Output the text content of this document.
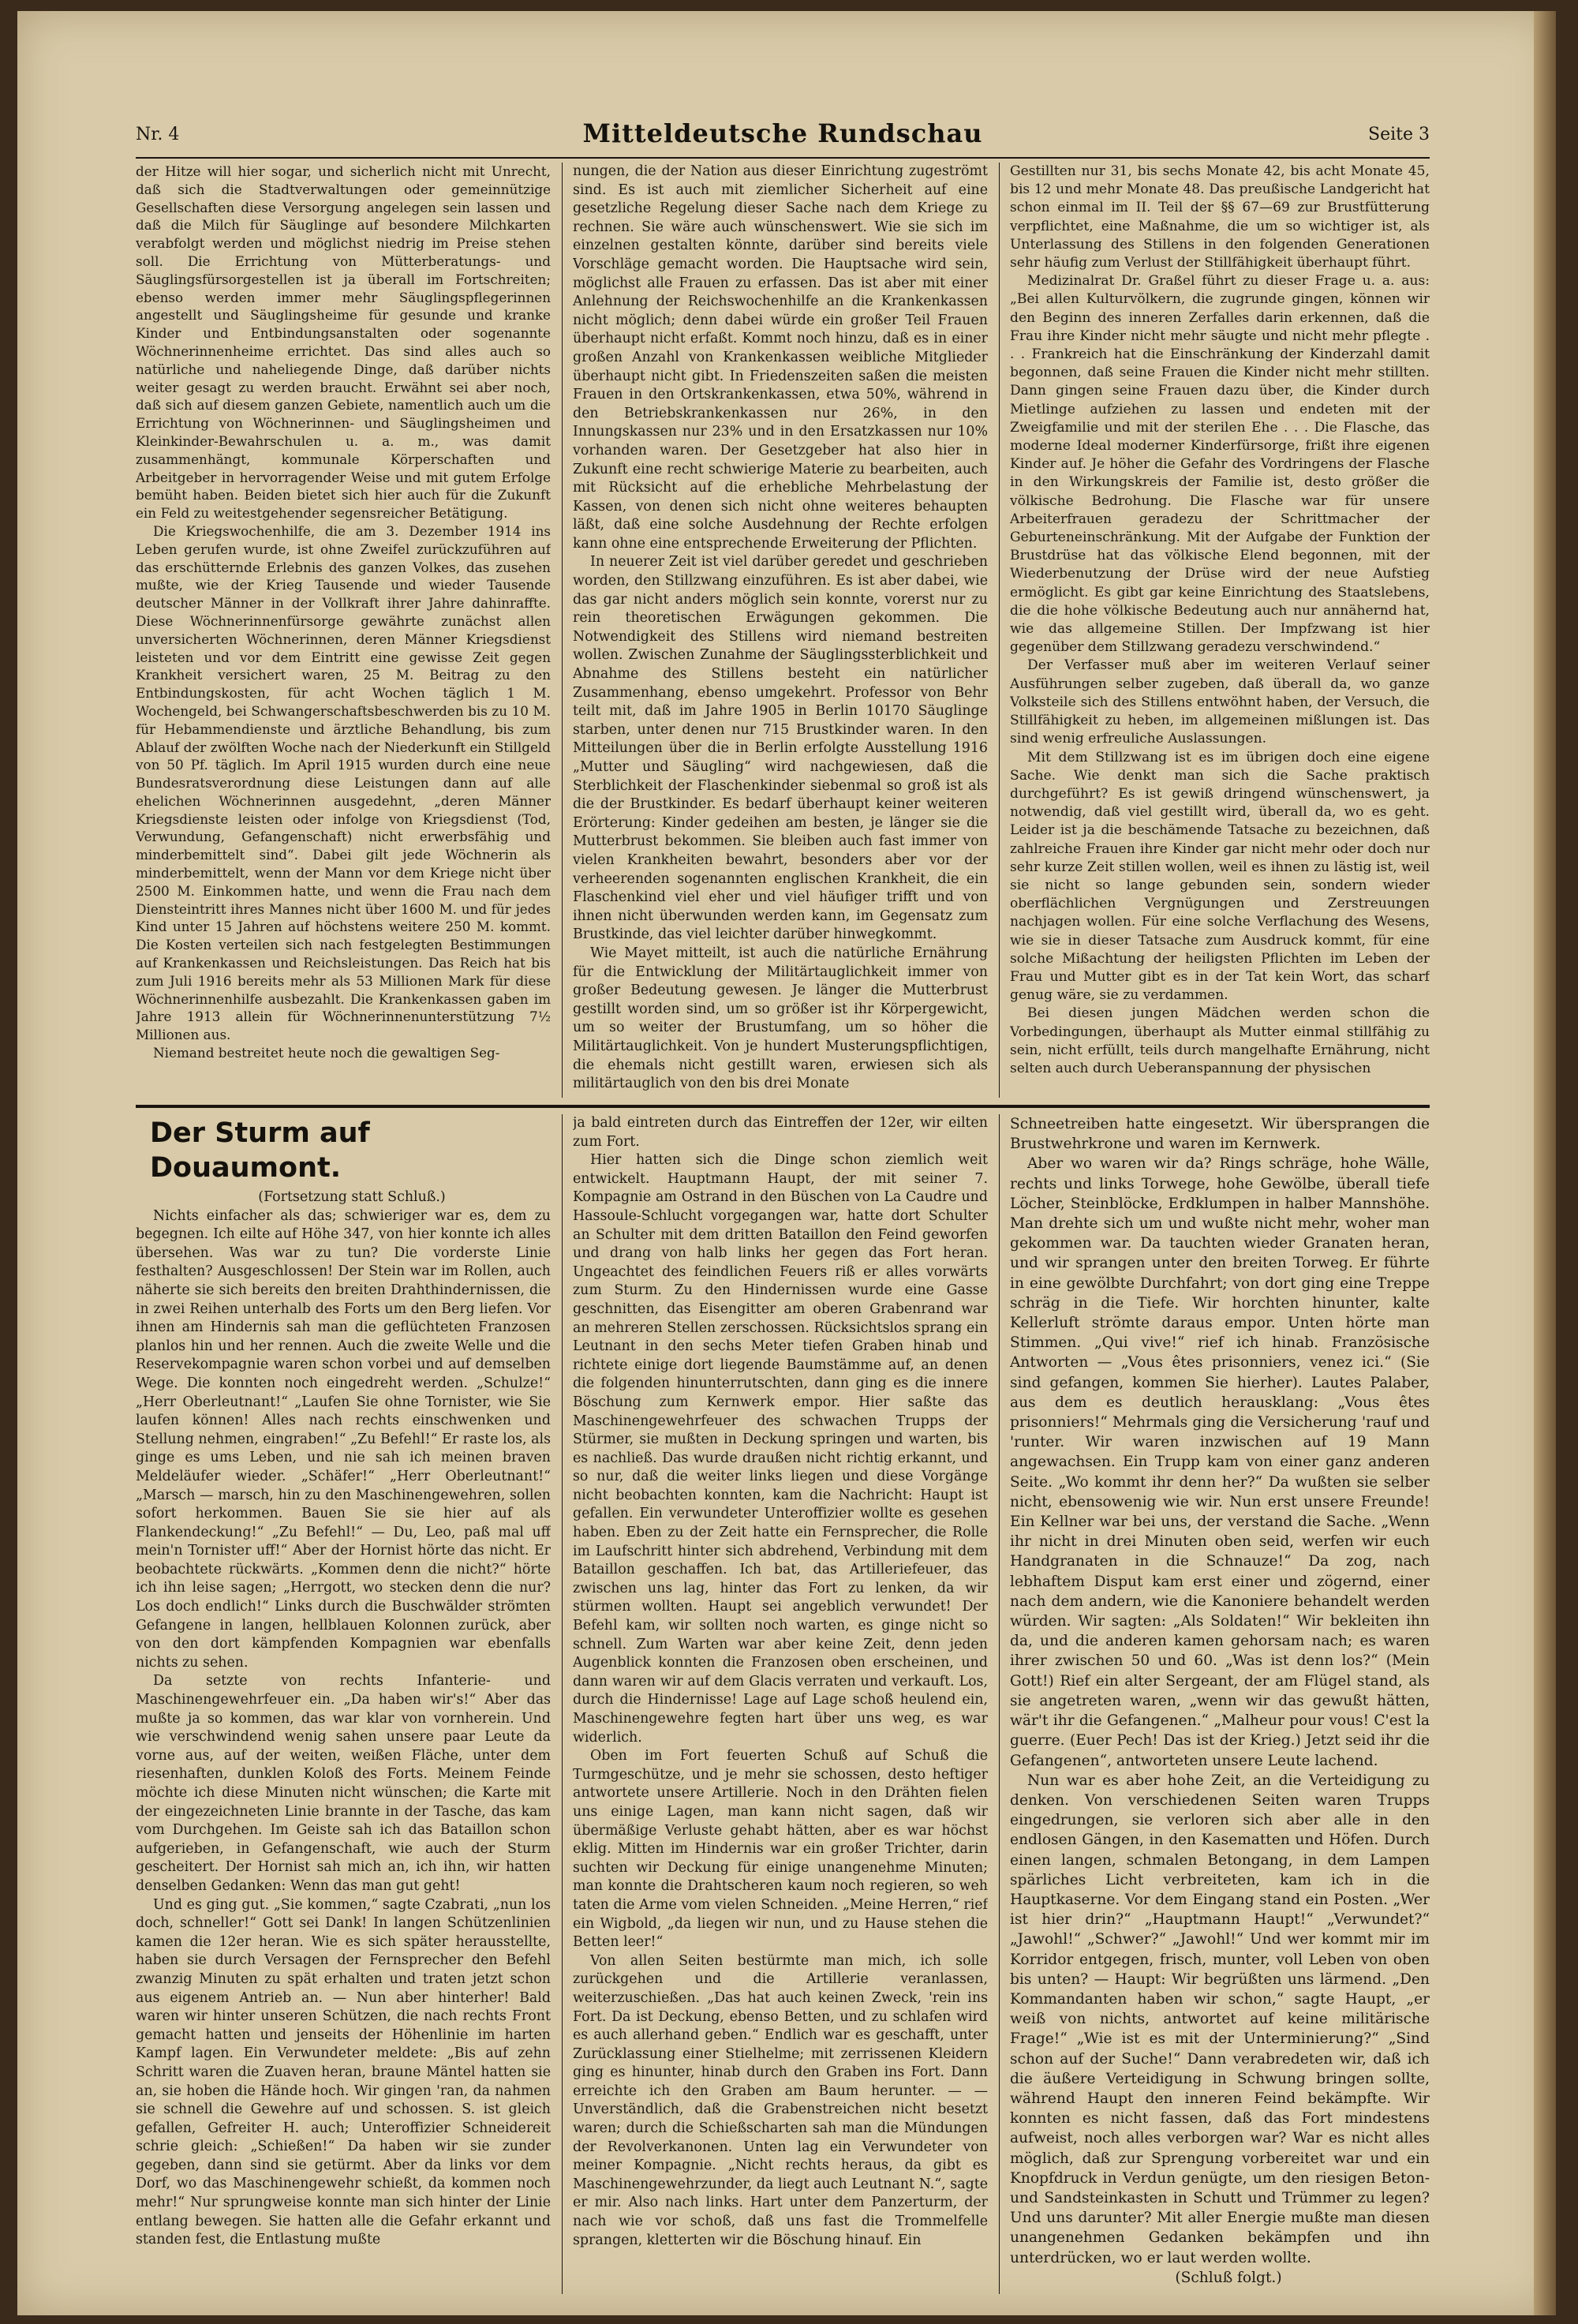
Nr. 4	Mitteldeutsche Rundschau	Seite 3

der Hitze will hier sogar, und sicherlich nicht mit Unrecht, daß sich die Stadtverwaltungen oder gemeinnützige Gesellschaften diese Versorgung angelegen sein lassen und daß die Milch für Säuglinge auf besondere Milchkarten verabfolgt werden und möglichst niedrig im Preise stehen soll. Die Errichtung von Mütterberatungs- und Säuglingsfürsorgestellen ist ja überall im Fortschreiten; ebenso werden immer mehr Säuglingspflegerinnen angestellt und Säuglingsheime für gesunde und kranke Kinder und Entbindungsanstalten oder sogenannte Wöchnerinnenheime errichtet. Das sind alles auch so natürliche und naheliegende Dinge, daß darüber nichts weiter gesagt zu werden braucht. Erwähnt sei aber noch, daß sich auf diesem ganzen Gebiete, namentlich auch um die Errichtung von Wöchnerinnen- und Säuglingsheimen und Kleinkinder-Bewahrschulen u. a. m., was damit zusammenhängt, kommunale Körperschaften und Arbeitgeber in hervorragender Weise und mit gutem Erfolge bemüht haben. Beiden bietet sich hier auch für die Zukunft ein Feld zu weitestgehender segensreicher Betätigung.

Die Kriegswochenhilfe, die am 3. Dezember 1914 ins Leben gerufen wurde, ist ohne Zweifel zurückzuführen auf das erschütternde Erlebnis des ganzen Volkes, das zusehen mußte, wie der Krieg Tausende und wieder Tausende deutscher Männer in der Vollkraft ihrer Jahre dahinraffte. Diese Wöchnerinnenfürsorge gewährte zunächst allen unversicherten Wöchnerinnen, deren Männer Kriegsdienst leisteten und vor dem Eintritt eine gewisse Zeit gegen Krankheit versichert waren, 25 M. Beitrag zu den Entbindungskosten, für acht Wochen täglich 1 M. Wochengeld, bei Schwangerschaftsbeschwerden bis zu 10 M. für Hebammendienste und ärztliche Behandlung, bis zum Ablauf der zwölften Woche nach der Niederkunft ein Stillgeld von 50 Pf. täglich. Im April 1915 wurden durch eine neue Bundesratsverordnung diese Leistungen dann auf alle ehelichen Wöchnerinnen ausgedehnt, „deren Männer Kriegsdienste leisten oder infolge von Kriegsdienst (Tod, Verwundung, Gefangenschaft) nicht erwerbsfähig und minderbemittelt sind“. Dabei gilt jede Wöchnerin als minderbemittelt, wenn der Mann vor dem Kriege nicht über 2500 M. Einkommen hatte, und wenn die Frau nach dem Diensteintritt ihres Mannes nicht über 1600 M. und für jedes Kind unter 15 Jahren auf höchstens weitere 250 M. kommt. Die Kosten verteilen sich nach festgelegten Bestimmungen auf Krankenkassen und Reichsleistungen. Das Reich hat bis zum Juli 1916 bereits mehr als 53 Millionen Mark für diese Wöchnerinnenhilfe ausbezahlt. Die Krankenkassen gaben im Jahre 1913 allein für Wöchnerinnenunterstützung 7½ Millionen aus.

Niemand bestreitet heute noch die gewaltigen Seg-

nungen, die der Nation aus dieser Einrichtung zugeströmt sind. Es ist auch mit ziemlicher Sicherheit auf eine gesetzliche Regelung dieser Sache nach dem Kriege zu rechnen. Sie wäre auch wünschenswert. Wie sie sich im einzelnen gestalten könnte, darüber sind bereits viele Vorschläge gemacht worden. Die Hauptsache wird sein, möglichst alle Frauen zu erfassen. Das ist aber mit einer Anlehnung der Reichswochenhilfe an die Krankenkassen nicht möglich; denn dabei würde ein großer Teil Frauen überhaupt nicht erfaßt. Kommt noch hinzu, daß es in einer großen Anzahl von Krankenkassen weibliche Mitglieder überhaupt nicht gibt. In Friedenszeiten saßen die meisten Frauen in den Ortskrankenkassen, etwa 50%, während in den Betriebskrankenkassen nur 26%, in den Innungskassen nur 23% und in den Ersatzkassen nur 10% vorhanden waren. Der Gesetzgeber hat also hier in Zukunft eine recht schwierige Materie zu bearbeiten, auch mit Rücksicht auf die erhebliche Mehrbelastung der Kassen, von denen sich nicht ohne weiteres behaupten läßt, daß eine solche Ausdehnung der Rechte erfolgen kann ohne eine entsprechende Erweiterung der Pflichten.

In neuerer Zeit ist viel darüber geredet und geschrieben worden, den Stillzwang einzuführen. Es ist aber dabei, wie das gar nicht anders möglich sein konnte, vorerst nur zu rein theoretischen Erwägungen gekommen. Die Notwendigkeit des Stillens wird niemand bestreiten wollen. Zwischen Zunahme der Säuglingssterblichkeit und Abnahme des Stillens besteht ein natürlicher Zusammenhang, ebenso umgekehrt. Professor von Behr teilt mit, daß im Jahre 1905 in Berlin 10170 Säuglinge starben, unter denen nur 715 Brustkinder waren. In den Mitteilungen über die in Berlin erfolgte Ausstellung 1916 „Mutter und Säugling“ wird nachgewiesen, daß die Sterblichkeit der Flaschenkinder siebenmal so groß ist als die der Brustkinder. Es bedarf überhaupt keiner weiteren Erörterung: Kinder gedeihen am besten, je länger sie die Mutterbrust bekommen. Sie bleiben auch fast immer von vielen Krankheiten bewahrt, besonders aber vor der verheerenden sogenannten englischen Krankheit, die ein Flaschenkind viel eher und viel häufiger trifft und von ihnen nicht überwunden werden kann, im Gegensatz zum Brustkinde, das viel leichter darüber hinwegkommt.

Wie Mayet mitteilt, ist auch die natürliche Ernährung für die Entwicklung der Militärtauglichkeit immer von großer Bedeutung gewesen. Je länger die Mutterbrust gestillt worden sind, um so größer ist ihr Körpergewicht, um so weiter der Brustumfang, um so höher die Militärtauglichkeit. Von je hundert Musterungspflichtigen, die ehemals nicht gestillt waren, erwiesen sich als militärtauglich von den bis drei Monate

Gestillten nur 31, bis sechs Monate 42, bis acht Monate 45, bis 12 und mehr Monate 48. Das preußische Landgericht hat schon einmal im II. Teil der §§ 67—69 zur Brustfütterung verpflichtet, eine Maßnahme, die um so wichtiger ist, als Unterlassung des Stillens in den folgenden Generationen sehr häufig zum Verlust der Stillfähigkeit überhaupt führt.

Medizinalrat Dr. Graßel führt zu dieser Frage u. a. aus: „Bei allen Kulturvölkern, die zugrunde gingen, können wir den Beginn des inneren Zerfalles darin erkennen, daß die Frau ihre Kinder nicht mehr säugte und nicht mehr pflegte . . . Frankreich hat die Einschränkung der Kinderzahl damit begonnen, daß seine Frauen die Kinder nicht mehr stillten. Dann gingen seine Frauen dazu über, die Kinder durch Mietlinge aufziehen zu lassen und endeten mit der Zweigfamilie und mit der sterilen Ehe . . . Die Flasche, das moderne Ideal moderner Kinderfürsorge, frißt ihre eigenen Kinder auf. Je höher die Gefahr des Vordringens der Flasche in den Wirkungskreis der Familie ist, desto größer die völkische Bedrohung. Die Flasche war für unsere Arbeiterfrauen geradezu der Schrittmacher der Geburteneinschränkung. Mit der Aufgabe der Funktion der Brustdrüse hat das völkische Elend begonnen, mit der Wiederbenutzung der Drüse wird der neue Aufstieg ermöglicht. Es gibt gar keine Einrichtung des Staatslebens, die die hohe völkische Bedeutung auch nur annähernd hat, wie das allgemeine Stillen. Der Impfzwang ist hier gegenüber dem Stillzwang geradezu verschwindend.“

Der Verfasser muß aber im weiteren Verlauf seiner Ausführungen selber zugeben, daß überall da, wo ganze Volksteile sich des Stillens entwöhnt haben, der Versuch, die Stillfähigkeit zu heben, im allgemeinen mißlungen ist. Das sind wenig erfreuliche Auslassungen.

Mit dem Stillzwang ist es im übrigen doch eine eigene Sache. Wie denkt man sich die Sache praktisch durchgeführt? Es ist gewiß dringend wünschenswert, ja notwendig, daß viel gestillt wird, überall da, wo es geht. Leider ist ja die beschämende Tatsache zu bezeichnen, daß zahlreiche Frauen ihre Kinder gar nicht mehr oder doch nur sehr kurze Zeit stillen wollen, weil es ihnen zu lästig ist, weil sie nicht so lange gebunden sein, sondern wieder oberflächlichen Vergnügungen und Zerstreuungen nachjagen wollen. Für eine solche Verflachung des Wesens, wie sie in dieser Tatsache zum Ausdruck kommt, für eine solche Mißachtung der heiligsten Pflichten im Leben der Frau und Mutter gibt es in der Tat kein Wort, das scharf genug wäre, sie zu verdammen.

Bei diesen jungen Mädchen werden schon die Vorbedingungen, überhaupt als Mutter einmal stillfähig zu sein, nicht erfüllt, teils durch mangelhafte Ernährung, nicht selten auch durch Ueberanspannung der physischen

Der Sturm auf Douaumont.

(Fortsetzung statt Schluß.)

Nichts einfacher als das; schwieriger war es, dem zu begegnen. Ich eilte auf Höhe 347, von hier konnte ich alles übersehen. Was war zu tun? Die vorderste Linie festhalten? Ausgeschlossen! Der Stein war im Rollen, auch näherte sie sich bereits den breiten Drahthindernissen, die in zwei Reihen unterhalb des Forts um den Berg liefen. Vor ihnen am Hindernis sah man die geflüchteten Franzosen planlos hin und her rennen. Auch die zweite Welle und die Reservekompagnie waren schon vorbei und auf demselben Wege. Die konnten noch eingedreht werden. „Schulze!“ „Herr Oberleutnant!“ „Laufen Sie ohne Tornister, wie Sie laufen können! Alles nach rechts einschwenken und Stellung nehmen, eingraben!“ „Zu Befehl!“ Er raste los, als ginge es ums Leben, und nie sah ich meinen braven Meldeläufer wieder. „Schäfer!“ „Herr Oberleutnant!“ „Marsch — marsch, hin zu den Maschinengewehren, sollen sofort herkommen. Bauen Sie sie hier auf als Flankendeckung!“ „Zu Befehl!“ — Du, Leo, paß mal uff mein'n Tornister uff!“ Aber der Hornist hörte das nicht. Er beobachtete rückwärts. „Kommen denn die nicht?“ hörte ich ihn leise sagen; „Herrgott, wo stecken denn die nur? Los doch endlich!“ Links durch die Buschwälder strömten Gefangene in langen, hellblauen Kolonnen zurück, aber von den dort kämpfenden Kompagnien war ebenfalls nichts zu sehen.

Da setzte von rechts Infanterie- und Maschinengewehrfeuer ein. „Da haben wir's!“ Aber das mußte ja so kommen, das war klar von vornherein. Und wie verschwindend wenig sahen unsere paar Leute da vorne aus, auf der weiten, weißen Fläche, unter dem riesenhaften, dunklen Koloß des Forts. Meinem Feinde möchte ich diese Minuten nicht wünschen; die Karte mit der eingezeichneten Linie brannte in der Tasche, das kam vom Durchgehen. Im Geiste sah ich das Bataillon schon aufgerieben, in Gefangenschaft, wie auch der Sturm gescheitert. Der Hornist sah mich an, ich ihn, wir hatten denselben Gedanken: Wenn das man gut geht!

Und es ging gut. „Sie kommen,“ sagte Czabrati, „nun los doch, schneller!“ Gott sei Dank! In langen Schützenlinien kamen die 12er heran. Wie es sich später herausstellte, haben sie durch Versagen der Fernsprecher den Befehl zwanzig Minuten zu spät erhalten und traten jetzt schon aus eigenem Antrieb an. — Nun aber hinterher! Bald waren wir hinter unseren Schützen, die nach rechts Front gemacht hatten und jenseits der Höhenlinie im harten Kampf lagen. Ein Verwundeter meldete: „Bis auf zehn Schritt waren die Zuaven heran, braune Mäntel hatten sie an, sie hoben die Hände hoch. Wir gingen 'ran, da nahmen sie schnell die Gewehre auf und schossen. S. ist gleich gefallen, Gefreiter H. auch; Unteroffizier Schneidereit schrie gleich: „Schießen!“ Da haben wir sie zunder gegeben, dann sind sie getürmt. Aber da links vor dem Dorf, wo das Maschinengewehr schießt, da kommen noch mehr!“ Nur sprungweise konnte man sich hinter der Linie entlang bewegen. Sie hatten alle die Gefahr erkannt und standen fest, die Entlastung mußte

ja bald eintreten durch das Eintreffen der 12er, wir eilten zum Fort.

Hier hatten sich die Dinge schon ziemlich weit entwickelt. Hauptmann Haupt, der mit seiner 7. Kompagnie am Ostrand in den Büschen von La Caudre und Hassoule-Schlucht vorgegangen war, hatte dort Schulter an Schulter mit dem dritten Bataillon den Feind geworfen und drang von halb links her gegen das Fort heran. Ungeachtet des feindlichen Feuers riß er alles vorwärts zum Sturm. Zu den Hindernissen wurde eine Gasse geschnitten, das Eisengitter am oberen Grabenrand war an mehreren Stellen zerschossen. Rücksichtslos sprang ein Leutnant in den sechs Meter tiefen Graben hinab und richtete einige dort liegende Baumstämme auf, an denen die folgenden hinunterrutschten, dann ging es die innere Böschung zum Kernwerk empor. Hier saßte das Maschinengewehrfeuer des schwachen Trupps der Stürmer, sie mußten in Deckung springen und warten, bis es nachließ. Das wurde draußen nicht richtig erkannt, und so nur, daß die weiter links liegen und diese Vorgänge nicht beobachten konnten, kam die Nachricht: Haupt ist gefallen. Ein verwundeter Unteroffizier wollte es gesehen haben. Eben zu der Zeit hatte ein Fernsprecher, die Rolle im Laufschritt hinter sich abdrehend, Verbindung mit dem Bataillon geschaffen. Ich bat, das Artilleriefeuer, das zwischen uns lag, hinter das Fort zu lenken, da wir stürmen wollten. Haupt sei angeblich verwundet! Der Befehl kam, wir sollten noch warten, es ginge nicht so schnell. Zum Warten war aber keine Zeit, denn jeden Augenblick konnten die Franzosen oben erscheinen, und dann waren wir auf dem Glacis verraten und verkauft. Los, durch die Hindernisse! Lage auf Lage schoß heulend ein, Maschinengewehre fegten hart über uns weg, es war widerlich.

Oben im Fort feuerten Schuß auf Schuß die Turmgeschütze, und je mehr sie schossen, desto heftiger antwortete unsere Artillerie. Noch in den Drähten fielen uns einige Lagen, man kann nicht sagen, daß wir übermäßige Verluste gehabt hätten, aber es war höchst eklig. Mitten im Hindernis war ein großer Trichter, darin suchten wir Deckung für einige unangenehme Minuten; man konnte die Drahtscheren kaum noch regieren, so weh taten die Arme vom vielen Schneiden. „Meine Herren,“ rief ein Wigbold, „da liegen wir nun, und zu Hause stehen die Betten leer!“

Von allen Seiten bestürmte man mich, ich solle zurückgehen und die Artillerie veranlassen, weiterzuschießen. „Das hat auch keinen Zweck, 'rein ins Fort. Da ist Deckung, ebenso Betten, und zu schlafen wird es auch allerhand geben.“ Endlich war es geschafft, unter Zurücklassung einer Stielhelme; mit zerrissenen Kleidern ging es hinunter, hinab durch den Graben ins Fort. Dann erreichte ich den Graben am Baum herunter. — — Unverständlich, daß die Grabenstreichen nicht besetzt waren; durch die Schießscharten sah man die Mündungen der Revolverkanonen. Unten lag ein Verwundeter von meiner Kompagnie. „Nicht rechts heraus, da gibt es Maschinengewehrzunder, da liegt auch Leutnant N.“, sagte er mir. Also nach links. Hart unter dem Panzerturm, der nach wie vor schoß, daß uns fast die Trommelfelle sprangen, kletterten wir die Böschung hinauf. Ein

Schneetreiben hatte eingesetzt. Wir übersprangen die Brustwehrkrone und waren im Kernwerk.

Aber wo waren wir da? Rings schräge, hohe Wälle, rechts und links Torwege, hohe Gewölbe, überall tiefe Löcher, Steinblöcke, Erdklumpen in halber Mannshöhe. Man drehte sich um und wußte nicht mehr, woher man gekommen war. Da tauchten wieder Granaten heran, und wir sprangen unter den breiten Torweg. Er führte in eine gewölbte Durchfahrt; von dort ging eine Treppe schräg in die Tiefe. Wir horchten hinunter, kalte Kellerluft strömte daraus empor. Unten hörte man Stimmen. „Qui vive!“ rief ich hinab. Französische Antworten — „Vous êtes prisonniers, venez ici.“ (Sie sind gefangen, kommen Sie hierher). Lautes Palaber, aus dem es deutlich herausklang: „Vous êtes prisonniers!“ Mehrmals ging die Versicherung 'rauf und 'runter. Wir waren inzwischen auf 19 Mann angewachsen. Ein Trupp kam von einer ganz anderen Seite. „Wo kommt ihr denn her?“ Da wußten sie selber nicht, ebensowenig wie wir. Nun erst unsere Freunde! Ein Kellner war bei uns, der verstand die Sache. „Wenn ihr nicht in drei Minuten oben seid, werfen wir euch Handgranaten in die Schnauze!“ Da zog, nach lebhaftem Disput kam erst einer und zögernd, einer nach dem andern, wie die Kanoniere behandelt werden würden. Wir sagten: „Als Soldaten!“ Wir bekleiten ihn da, und die anderen kamen gehorsam nach; es waren ihrer zwischen 50 und 60. „Was ist denn los?“ (Mein Gott!) Rief ein alter Sergeant, der am Flügel stand, als sie angetreten waren, „wenn wir das gewußt hätten, wär't ihr die Gefangenen.“ „Malheur pour vous! C'est la guerre. (Euer Pech! Das ist der Krieg.) Jetzt seid ihr die Gefangenen“, antworteten unsere Leute lachend.

Nun war es aber hohe Zeit, an die Verteidigung zu denken. Von verschiedenen Seiten waren Trupps eingedrungen, sie verloren sich aber alle in den endlosen Gängen, in den Kasematten und Höfen. Durch einen langen, schmalen Betongang, in dem Lampen spärliches Licht verbreiteten, kam ich in die Hauptkaserne. Vor dem Eingang stand ein Posten. „Wer ist hier drin?“ „Hauptmann Haupt!“ „Verwundet?“ „Jawohl!“ „Schwer?“ „Jawohl!“ Und wer kommt mir im Korridor entgegen, frisch, munter, voll Leben von oben bis unten? — Haupt: Wir begrüßten uns lärmend. „Den Kommandanten haben wir schon,“ sagte Haupt, „er weiß von nichts, antwortet auf keine militärische Frage!“ „Wie ist es mit der Unterminierung?“ „Sind schon auf der Suche!“ Dann verabredeten wir, daß ich die äußere Verteidigung in Schwung bringen sollte, während Haupt den inneren Feind bekämpfte. Wir konnten es nicht fassen, daß das Fort mindestens aufweist, noch alles verborgen war? War es nicht alles möglich, daß zur Sprengung vorbereitet war und ein Knopfdruck in Verdun genügte, um den riesigen Beton- und Sandsteinkasten in Schutt und Trümmer zu legen? Und uns darunter? Mit aller Energie mußte man diesen unangenehmen Gedanken bekämpfen und ihn unterdrücken, wo er laut werden wollte.

(Schluß folgt.)
